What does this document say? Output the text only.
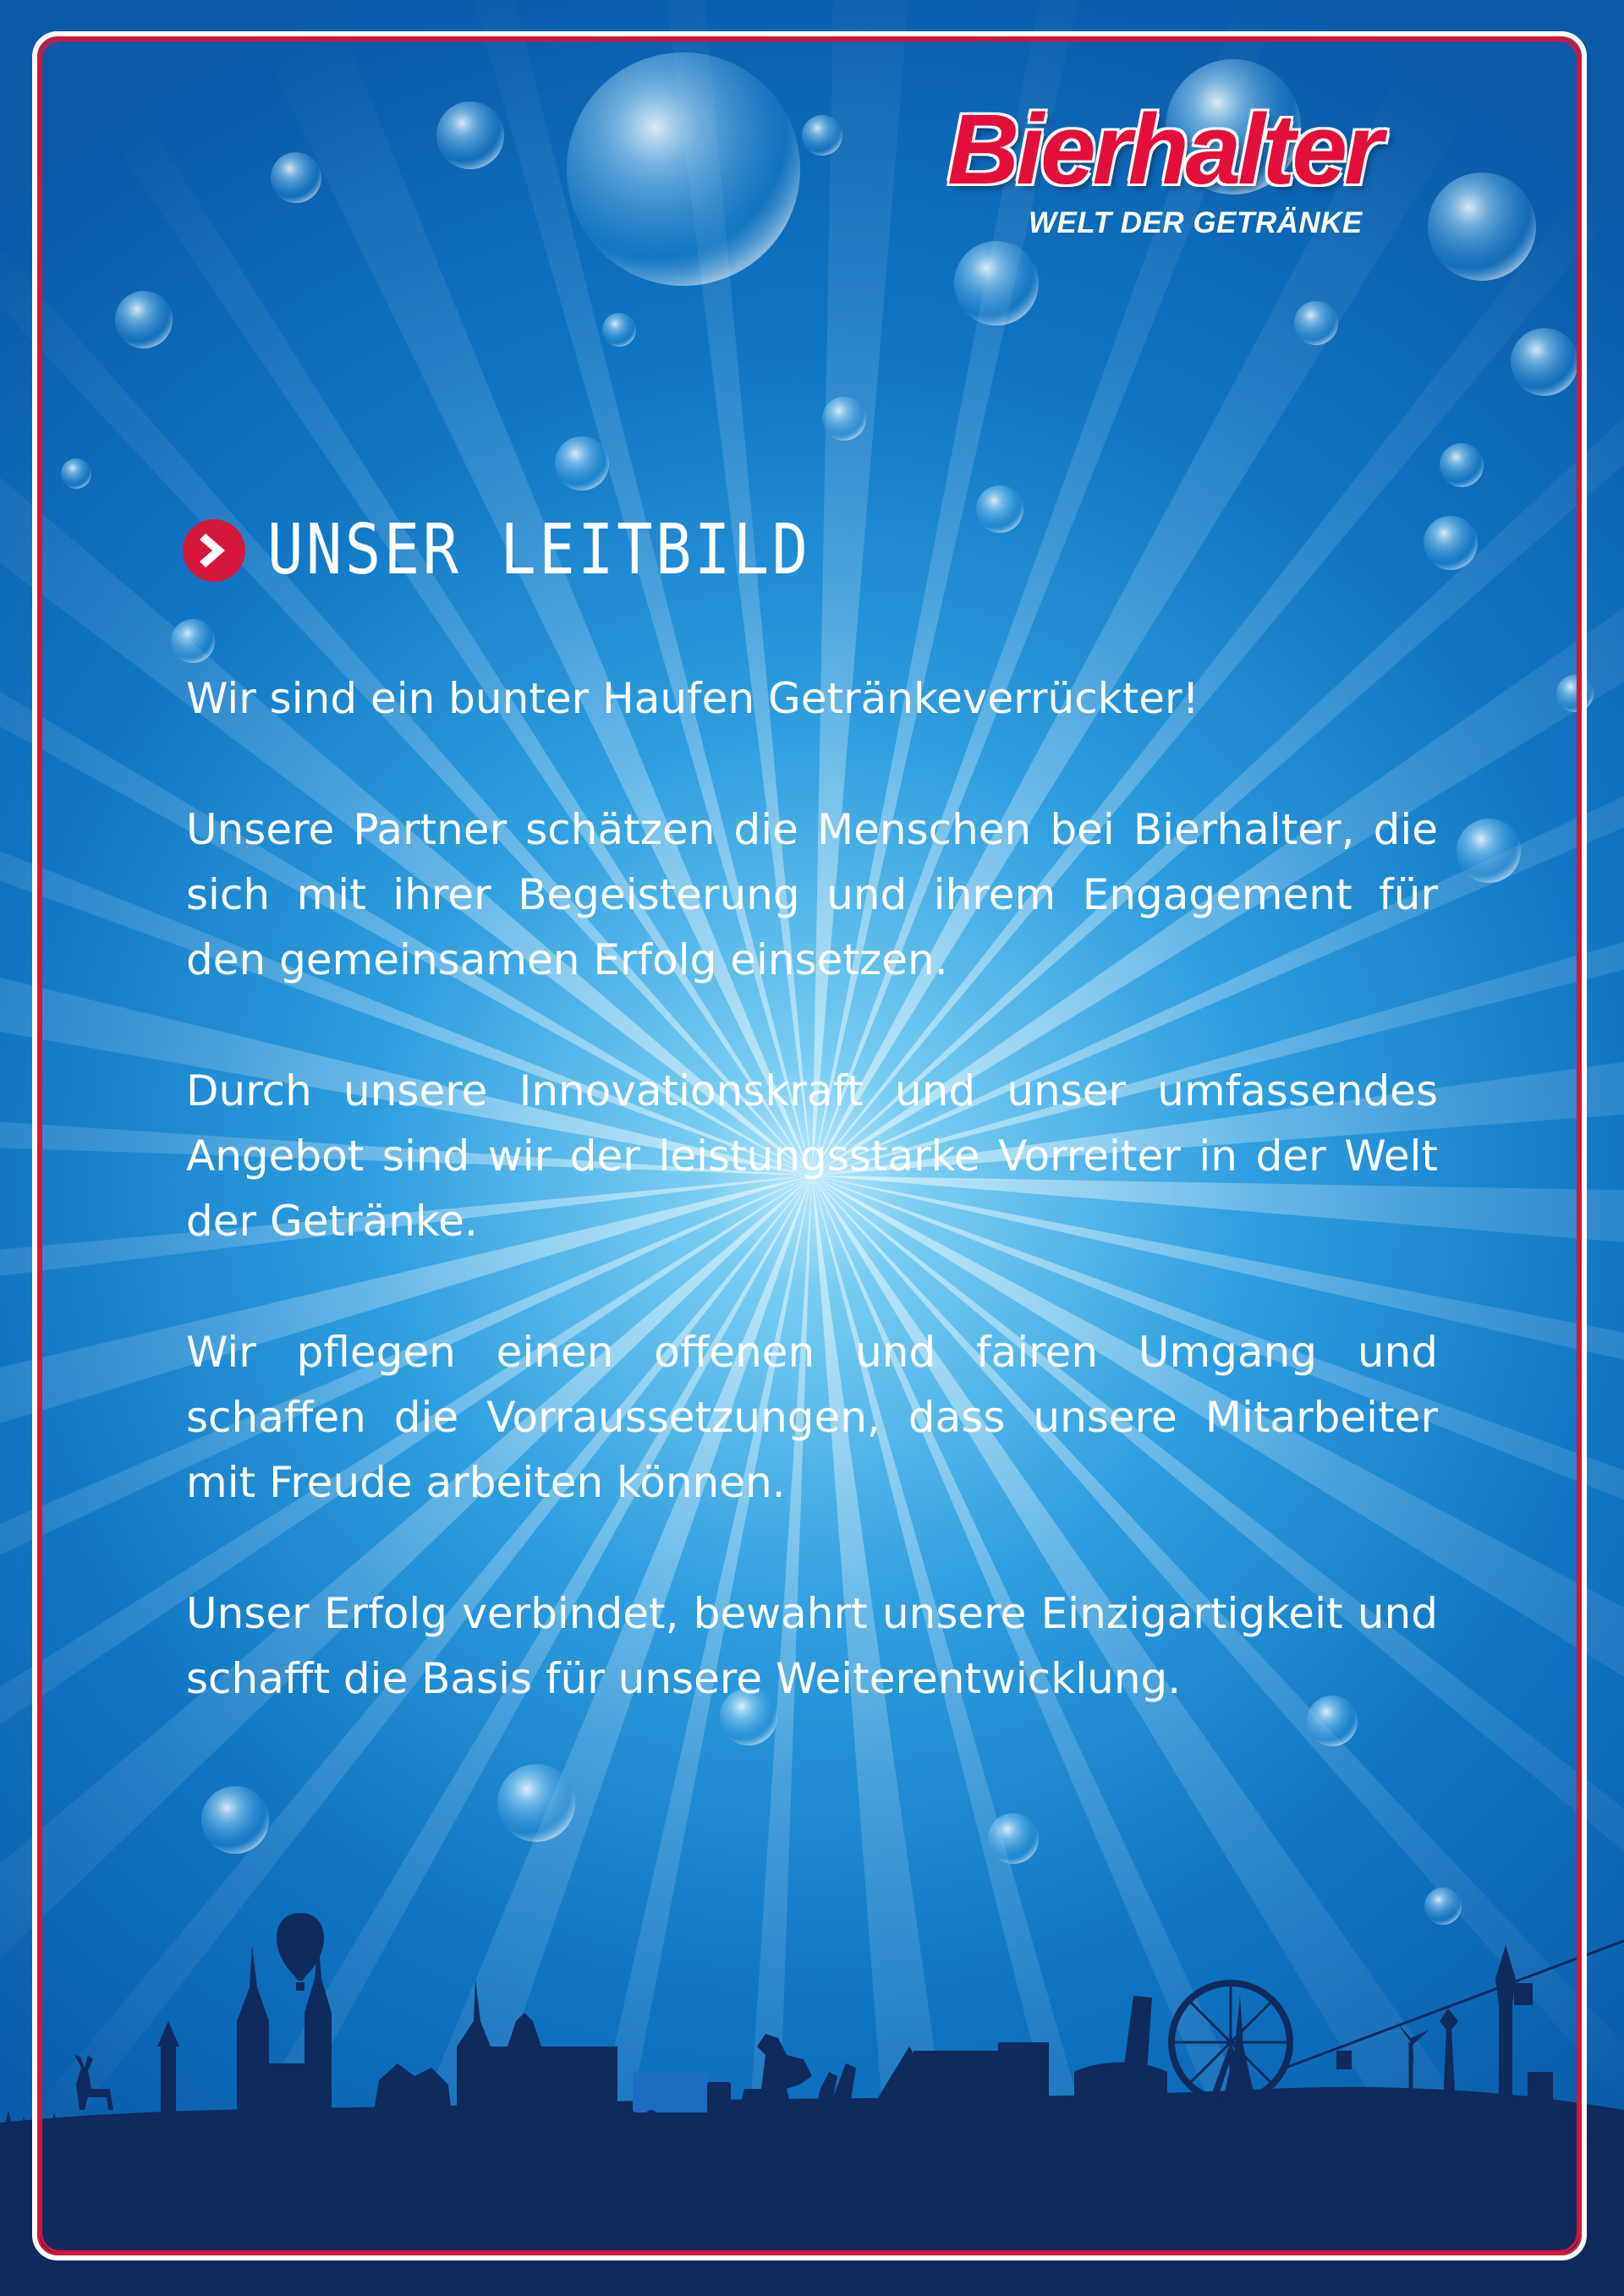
Bierhalter
WELT DER GETRÄNKE
UNSER LEITBILD

Wir sind ein bunter Haufen Getränkeverrückter!

Unsere Partner schätzen die Menschen bei Bierhalter, die sich mit ihrer Begeisterung und ihrem Engagement für den gemeinsamen Erfolg einsetzen.

Durch unsere Innovationskraft und unser umfassendes Angebot sind wir der leistungsstarke Vorreiter in der Welt der Getränke.

Wir pflegen einen offenen und fairen Umgang und schaffen die Vorraussetzungen, dass unsere Mitarbeiter mit Freude arbeiten können.

Unser Erfolg verbindet, bewahrt unsere Einzigartigkeit und schafft die Basis für unsere Weiterentwicklung.
